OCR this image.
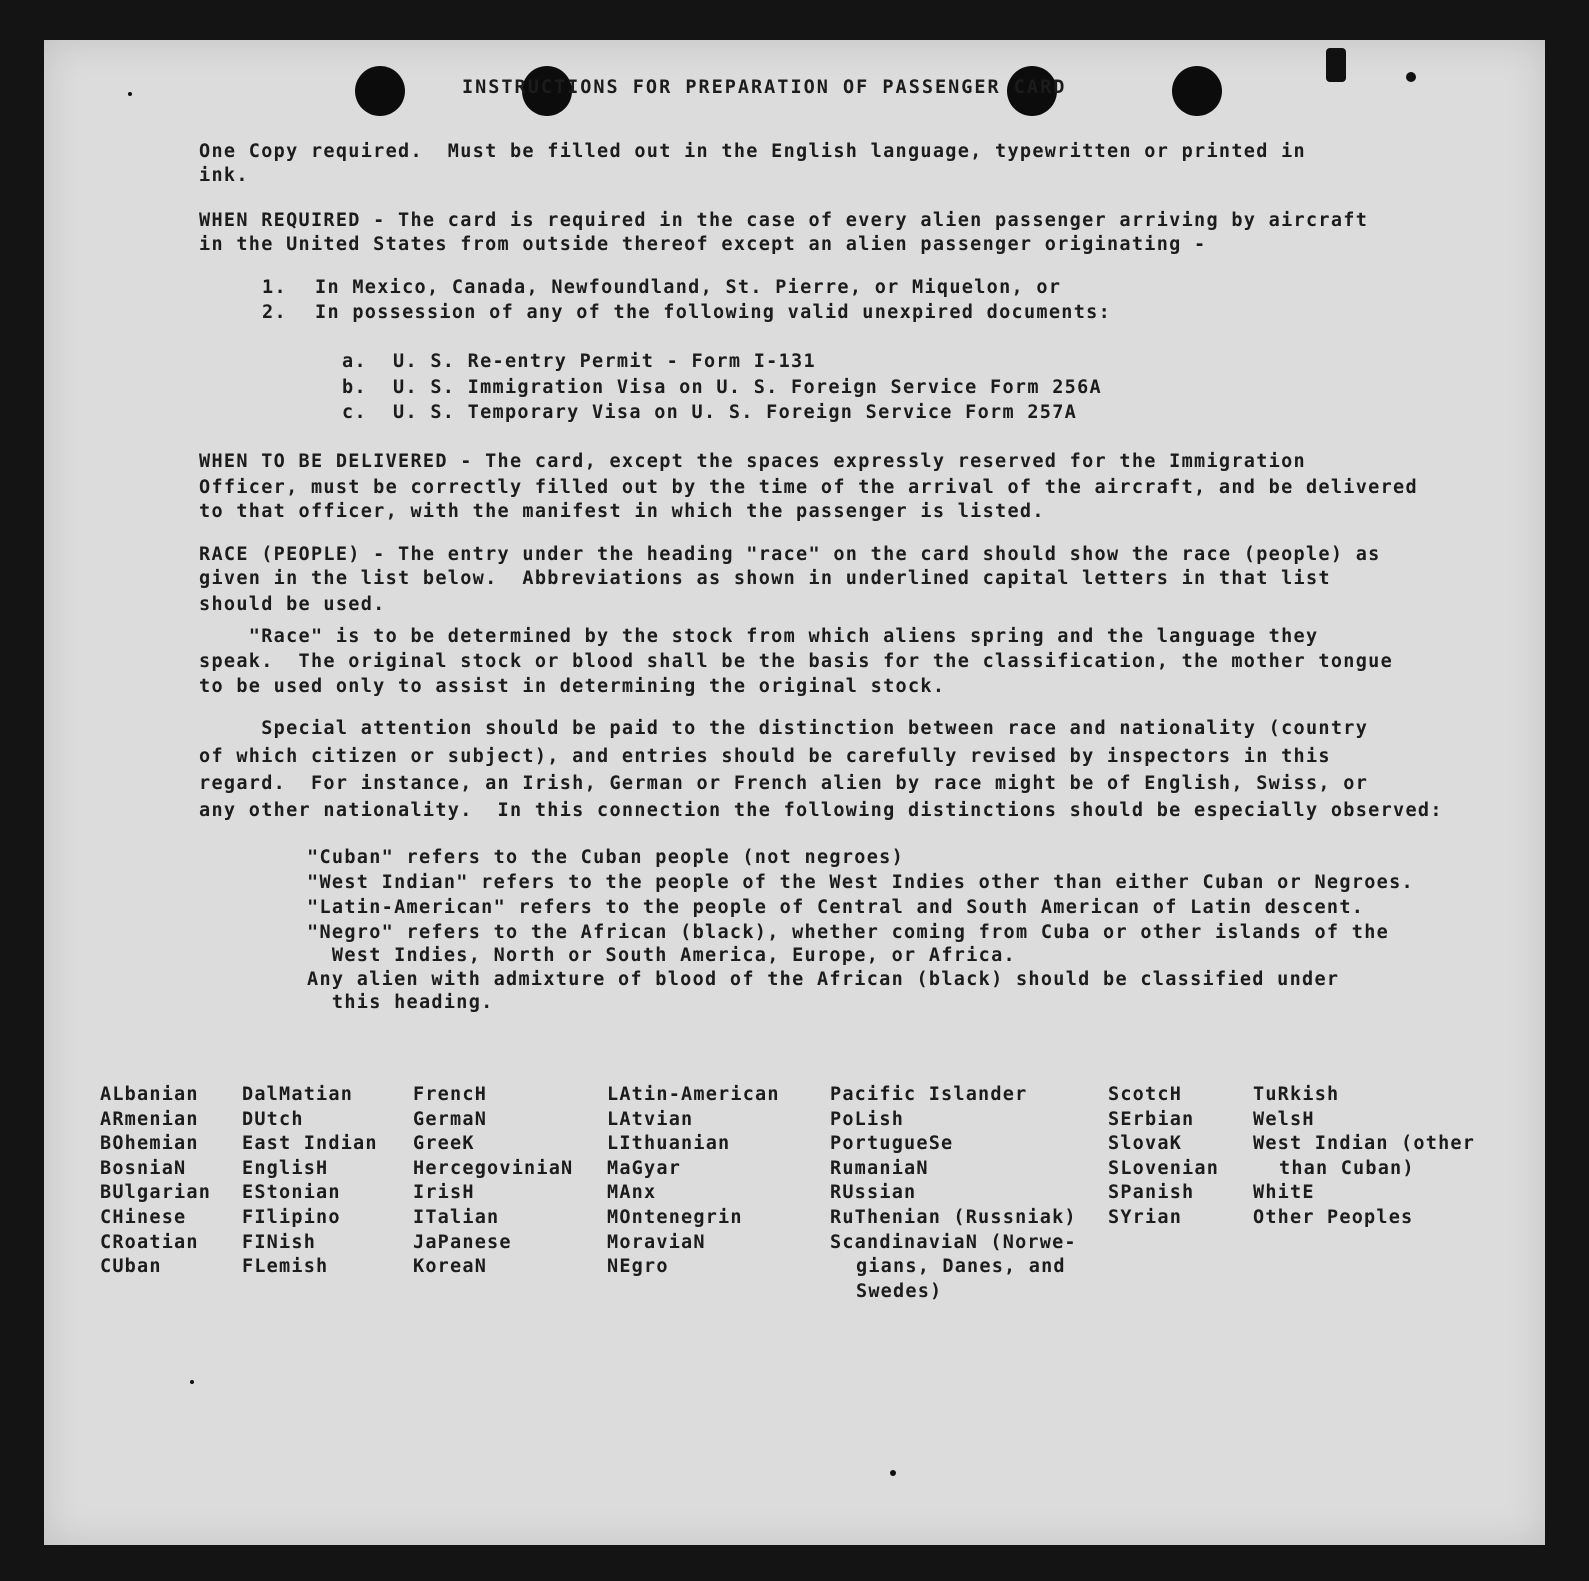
INSTRUCTIONS FOR PREPARATION OF PASSENGER CARD
One Copy required.  Must be filled out in the English language, typewritten or printed in
ink.
WHEN REQUIRED - The card is required in the case of every alien passenger arriving by aircraft
in the United States from outside thereof except an alien passenger originating -
1. In Mexico, Canada, Newfoundland, St. Pierre, or Miquelon, or
2. In possession of any of the following valid unexpired documents:
a. U. S. Re-entry Permit - Form I-131
b. U. S. Immigration Visa on U. S. Foreign Service Form 256A
c. U. S. Temporary Visa on U. S. Foreign Service Form 257A
WHEN TO BE DELIVERED - The card, except the spaces expressly reserved for the Immigration
Officer, must be correctly filled out by the time of the arrival of the aircraft, and be delivered
to that officer, with the manifest in which the passenger is listed.
RACE (PEOPLE) - The entry under the heading "race" on the card should show the race (people) as
given in the list below.  Abbreviations as shown in underlined capital letters in that list
should be used.
"Race" is to be determined by the stock from which aliens spring and the language they
speak.  The original stock or blood shall be the basis for the classification, the mother tongue
to be used only to assist in determining the original stock.
Special attention should be paid to the distinction between race and nationality (country
of which citizen or subject), and entries should be carefully revised by inspectors in this
regard.  For instance, an Irish, German or French alien by race might be of English, Swiss, or
any other nationality.  In this connection the following distinctions should be especially observed:
"Cuban" refers to the Cuban people (not negroes)
"West Indian" refers to the people of the West Indies other than either Cuban or Negroes.
"Latin-American" refers to the people of Central and South American of Latin descent.
"Negro" refers to the African (black), whether coming from Cuba or other islands of the
West Indies, North or South America, Europe, or Africa.
Any alien with admixture of blood of the African (black) should be classified under
this heading.
ALbanian
ARmenian
BOhemian
BosniaN
BUlgarian
CHinese
CRoatian
CUban
DalMatian
DUtch
East Indian
EnglisH
EStonian
FIlipino
FINish
FLemish
FrencH
GermaN
GreeK
HercegoviniaN
IrisH
ITalian
JaPanese
KoreaN
LAtin-American
LAtvian
LIthuanian
MaGyar
MAnx
MOntenegrin
MoraviaN
NEgro
Pacific Islander
PoLish
PortugueSe
RumaniaN
RUssian
RuThenian (Russniak)
ScandinaviaN (Norwe-
gians, Danes, and
Swedes)
ScotcH
SErbian
SlovaK
SLovenian
SPanish
SYrian
TuRkish
WelsH
West Indian (other
than Cuban)
WhitE
Other Peoples
